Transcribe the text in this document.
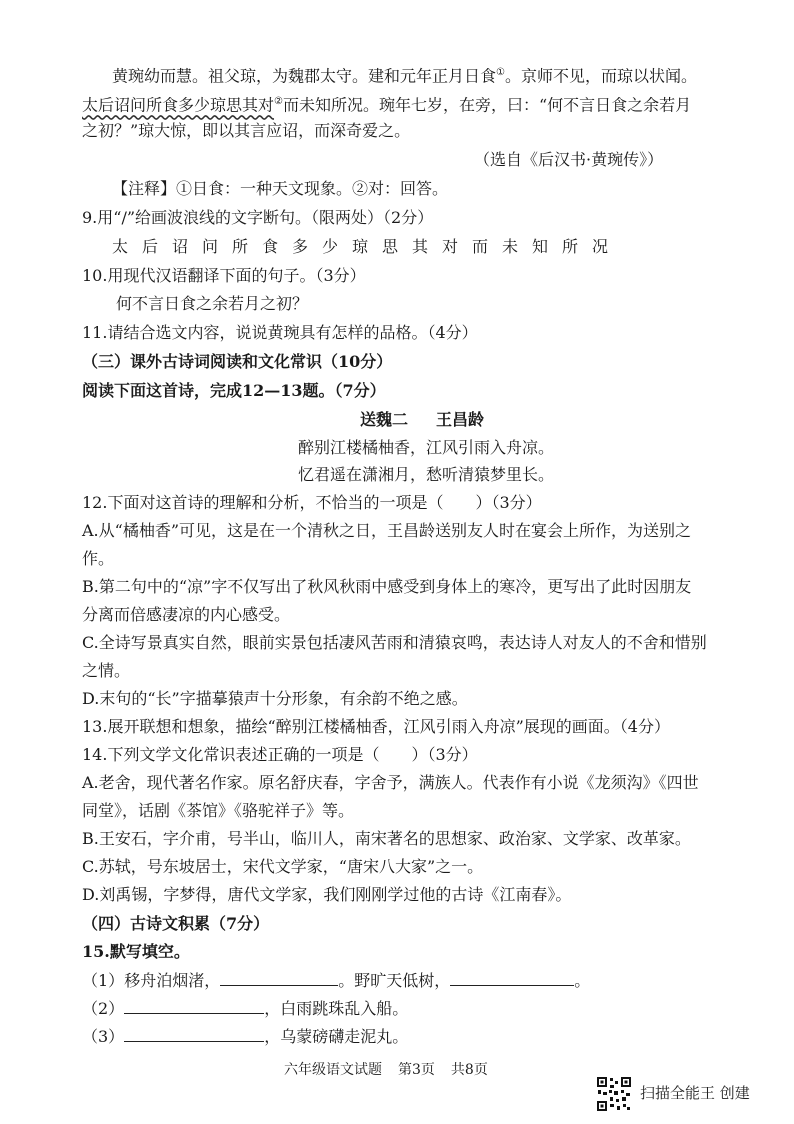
黄琬幼而慧。祖父琼，为魏郡太守。建和元年正月日食①。京师不见，而琼以状闻。
太后诏问所食多少琼思其对②而未知所况。琬年七岁，在旁，曰：“何不言日食之余若月
之初？”琼大惊，即以其言应诏，而深奇爱之。
（选自《后汉书·黄琬传》）
【注释】①日食：一种天文现象。②对：回答。
9.用“/”给画波浪线的文字断句。（限两处）（2分）
太后诏问所食多少琼思其对而未知所况
10.用现代汉语翻译下面的句子。（3分）
何不言日食之余若月之初？
11.请结合选文内容，说说黄琬具有怎样的品格。（4分）
（三）课外古诗词阅读和文化常识（10分）
阅读下面这首诗，完成12—13题。（7分）
送魏二 王昌龄
醉别江楼橘柚香，江风引雨入舟凉。
忆君遥在潇湘月，愁听清猿梦里长。
12.下面对这首诗的理解和分析，不恰当的一项是（　　）（3分）
A.从“橘柚香”可见，这是在一个清秋之日，王昌龄送别友人时在宴会上所作，为送别之
作。
B.第二句中的“凉”字不仅写出了秋风秋雨中感受到身体上的寒冷，更写出了此时因朋友
分离而倍感凄凉的内心感受。
C.全诗写景真实自然，眼前实景包括凄风苦雨和清猿哀鸣，表达诗人对友人的不舍和惜别
之情。
D.末句的“长”字描摹猿声十分形象，有余韵不绝之感。
13.展开联想和想象，描绘“醉别江楼橘柚香，江风引雨入舟凉”展现的画面。（4分）
14.下列文学文化常识表述正确的一项是（　　）（3分）
A.老舍，现代著名作家。原名舒庆春，字舍予，满族人。代表作有小说《龙须沟》《四世
同堂》，话剧《茶馆》《骆驼祥子》等。
B.王安石，字介甫，号半山，临川人，南宋著名的思想家、政治家、文学家、改革家。
C.苏轼，号东坡居士，宋代文学家，“唐宋八大家”之一。
D.刘禹锡，字梦得，唐代文学家，我们刚刚学过他的古诗《江南春》。
（四）古诗文积累（7分）
15.默写填空。
（1）移舟泊烟渚，	。野旷天低树，	。
（2）	，白雨跳珠乱入船。
（3）	，乌蒙磅礴走泥丸。
六年级语文试题 第3页 共8页
扫描全能王 创建
